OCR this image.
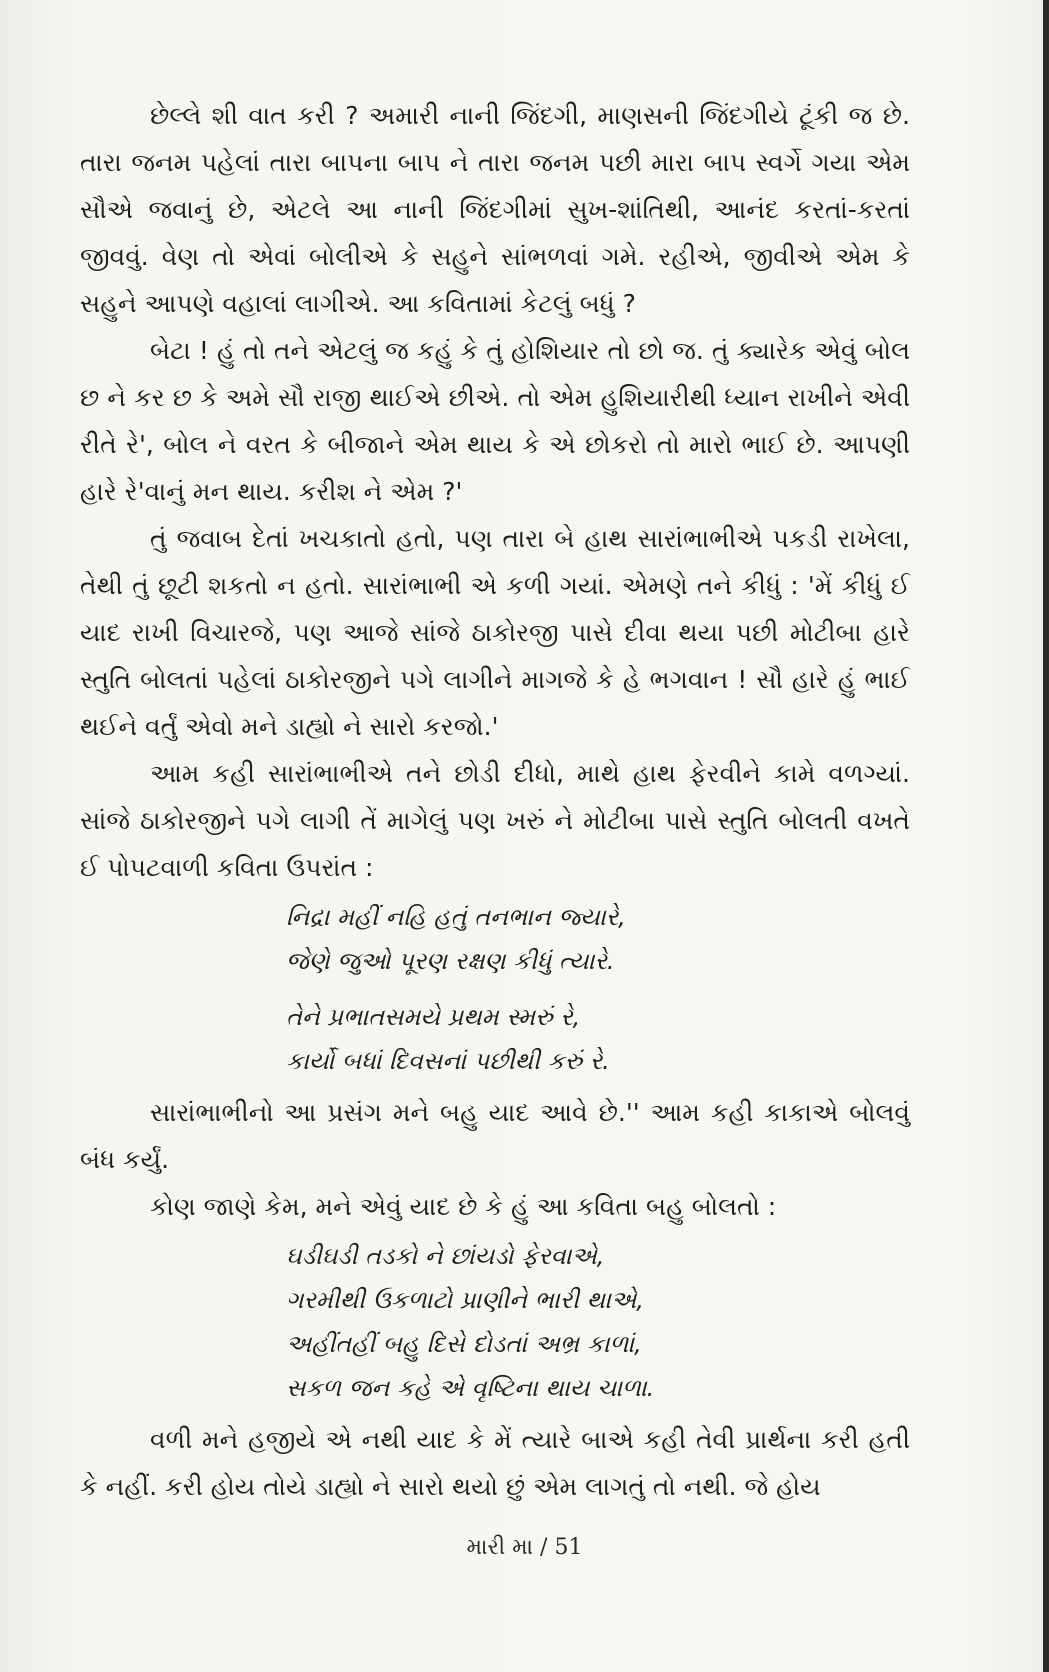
છેલ્લે શી વાત કરી ? અમારી નાની જિંદગી, માણસની જિંદગીયે ટૂંકી જ છે. તારા જનમ પહેલાં તારા બાપના બાપ ને તારા જનમ પછી મારા બાપ સ્વર્ગે ગયા એમ સૌએ જવાનું છે, એટલે આ નાની જિંદગીમાં સુખ-શાંતિથી, આનંદ કરતાં-કરતાં જીવવું. વેણ તો એવાં બોલીએ કે સહુને સાંભળવાં ગમે. રહીએ, જીવીએ એમ કે સહુને આપણે વહાલાં લાગીએ. આ કવિતામાં કેટલું બધું ?

બેટા ! હું તો તને એટલું જ કહું કે તું હોશિયાર તો છો જ. તું ક્યારેક એવું બોલ છ ને કર છ કે અમે સૌ રાજી થાઈએ છીએ. તો એમ હુશિયારીથી ધ્યાન રાખીને એવી રીતે રે', બોલ ને વરત કે બીજાને એમ થાય કે એ છોકરો તો મારો ભાઈ છે. આપણી હારે રે'વાનું મન થાય. કરીશ ને એમ ?'

તું જવાબ દેતાં ખચકાતો હતો, પણ તારા બે હાથ સારાંભાભીએ પકડી રાખેલા, તેથી તું છૂટી શકતો ન હતો. સારાંભાભી એ કળી ગયાં. એમણે તને કીધું : 'મેં કીધું ઈ યાદ રાખી વિચારજે, પણ આજે સાંજે ઠાકોરજી પાસે દીવા થયા પછી મોટીબા હારે સ્તુતિ બોલતાં પહેલાં ઠાકોરજીને પગે લાગીને માગજે કે હે ભગવાન ! સૌ હારે હું ભાઈ થઈને વર્તું એવો મને ડાહ્યો ને સારો કરજો.'

આમ કહી સારાંભાભીએ તને છોડી દીધો, માથે હાથ ફેરવીને કામે વળગ્યાં. સાંજે ઠાકોરજીને પગે લાગી તેં માગેલું પણ ખરું ને મોટીબા પાસે સ્તુતિ બોલતી વખતે ઈ પોપટવાળી કવિતા ઉપરાંત :

નિદ્રા મહીં નહિ હતું તનભાન જ્યારે,
જેણે જુઓ પૂરણ રક્ષણ કીધું ત્યારે.
તેને પ્રભાતસમયે પ્રથમ સ્મરું રે,
કાર્યો બધાં દિવસનાં પછીથી કરું રે.

સારાંભાભીનો આ પ્રસંગ મને બહુ યાદ આવે છે.'' આમ કહી કાકાએ બોલવું બંધ કર્યું.

કોણ જાણે કેમ, મને એવું યાદ છે કે હું આ કવિતા બહુ બોલતો :

ઘડીઘડી તડકો ને છાંયડો ફેરવાએ,
ગરમીથી ઉકળાટો પ્રાણીને ભારી થાએ,
અહીંતહીં બહુ દિસે દોડતાં અભ્ર કાળાં,
સકળ જન કહે એ વૃષ્ટિના થાય ચાળા.

વળી મને હજીયે એ નથી યાદ કે મેં ત્યારે બાએ કહી તેવી પ્રાર્થના કરી હતી કે નહીં. કરી હોય તોયે ડાહ્યો ને સારો થયો છું એમ લાગતું તો નથી. જે હોય

મારી મા / 51
